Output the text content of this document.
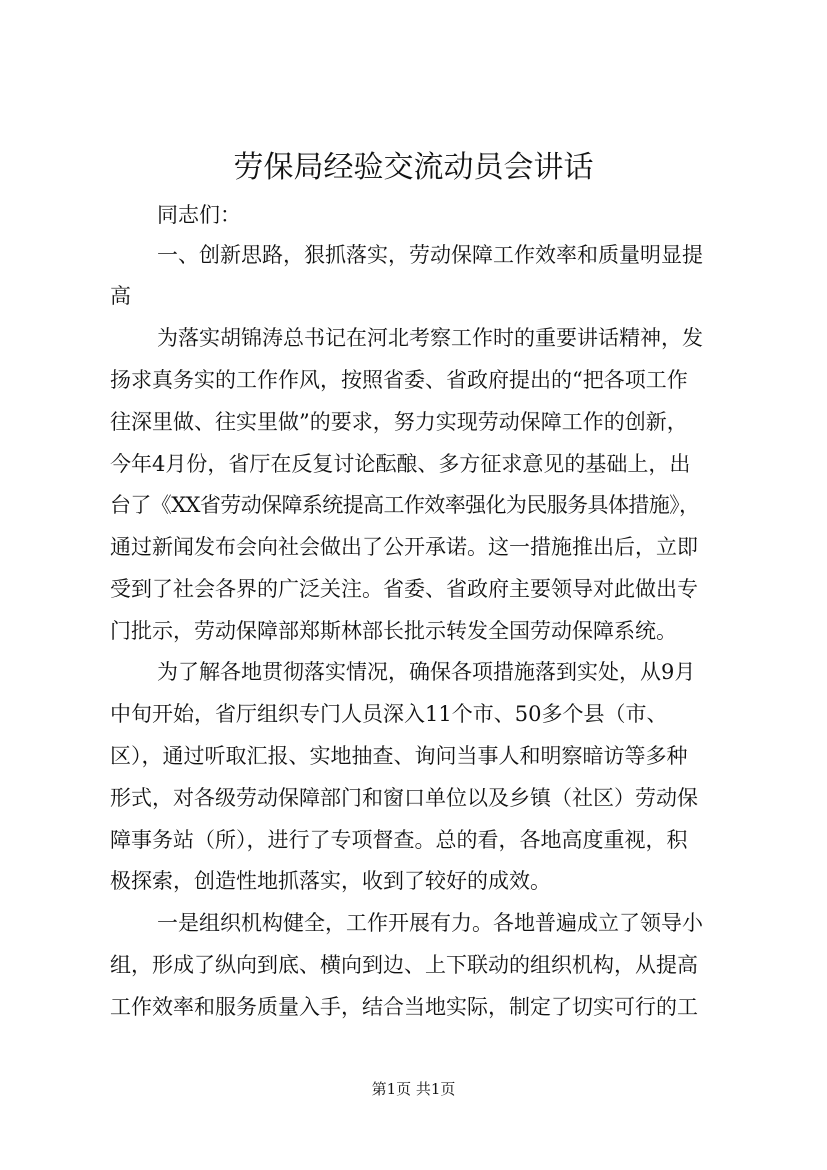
劳保局经验交流动员会讲话
同志们：
一、创新思路，狠抓落实，劳动保障工作效率和质量明显提
高
为落实胡锦涛总书记在河北考察工作时的重要讲话精神，发
扬求真务实的工作作风，按照省委、省政府提出的“把各项工作
往深里做、往实里做”的要求，努力实现劳动保障工作的创新，
今年4月份，省厅在反复讨论酝酿、多方征求意见的基础上，出
台了《XX省劳动保障系统提高工作效率强化为民服务具体措施》，
通过新闻发布会向社会做出了公开承诺。这一措施推出后，立即
受到了社会各界的广泛关注。省委、省政府主要领导对此做出专
门批示，劳动保障部郑斯林部长批示转发全国劳动保障系统。
为了解各地贯彻落实情况，确保各项措施落到实处，从9月
中旬开始，省厅组织专门人员深入11个市、50多个县（市、
区），通过听取汇报、实地抽查、询问当事人和明察暗访等多种
形式，对各级劳动保障部门和窗口单位以及乡镇（社区）劳动保
障事务站（所），进行了专项督查。总的看，各地高度重视，积
极探索，创造性地抓落实，收到了较好的成效。
一是组织机构健全，工作开展有力。各地普遍成立了领导小
组，形成了纵向到底、横向到边、上下联动的组织机构，从提高
工作效率和服务质量入手，结合当地实际，制定了切实可行的工
第1页 共1页
